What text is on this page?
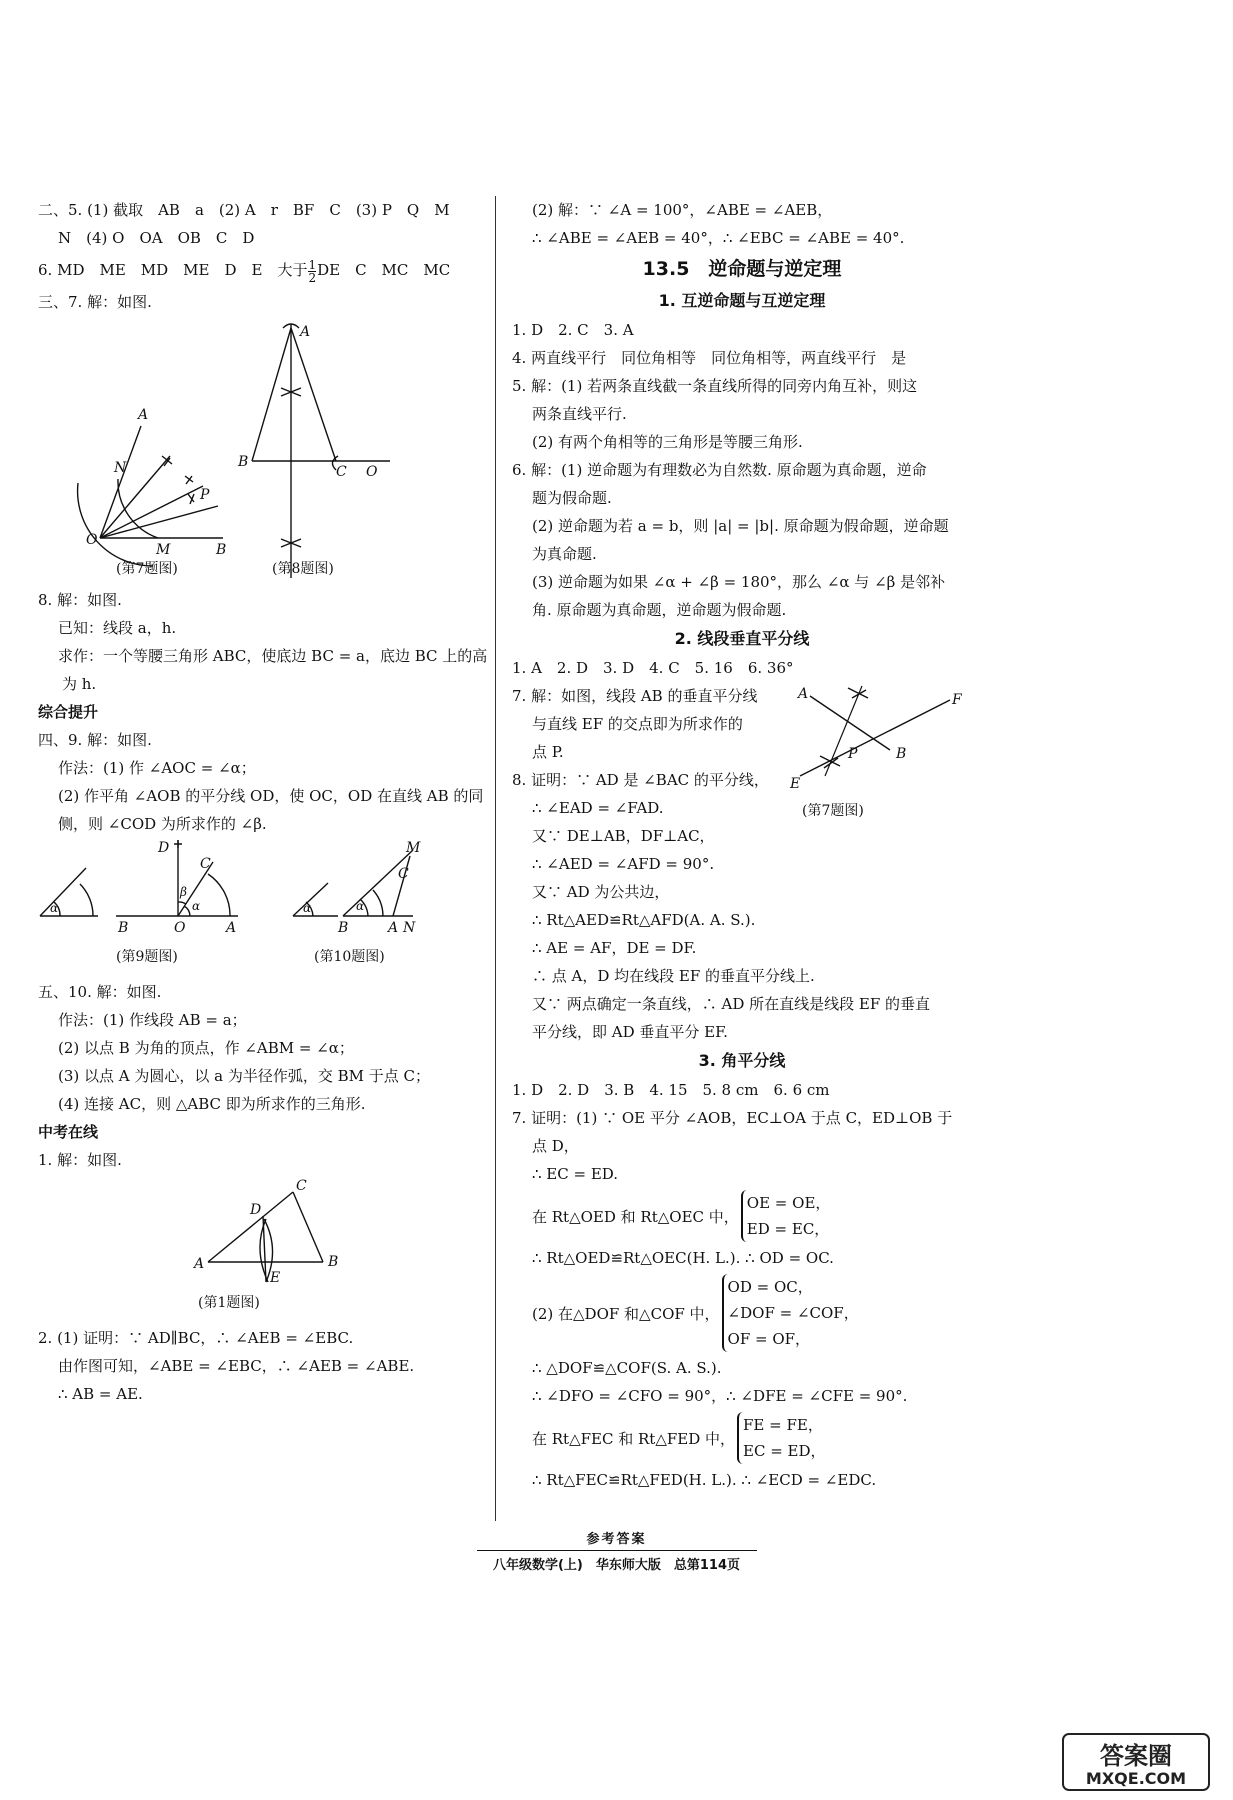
二、5. (1) 截取　AB　a　(2) A　r　BF　C　(3) P　Q　M
N　(4) O　OA　OB　C　D
6. MD　ME　MD　ME　D　E　大于 $\frac{1}{2}$ DE　C　MC　MC
三、7. 解：如图.
A
N
P
O
M	B
A
B
C O
(第7题图)	(第8题图)
8. 解：如图.
已知：线段 a，h.
求作：一个等腰三角形 ABC，使底边 BC = a，底边 BC 上的高
为 h.
综合提升
四、9. 解：如图.
作法：(1) 作 ∠AOC = ∠α；
(2) 作平角 ∠AOB 的平分线 OD，使 OC，OD 在直线 AB 的同
侧，则 ∠COD 为所求作的 ∠β.
α
D
C
β
α
B	O	A
α	α
B
M
C
A N
(第9题图)	(第10题图)
五、10. 解：如图.
作法：(1) 作线段 AB = a；
(2) 以点 B 为角的顶点，作 ∠ABM = ∠α；
(3) 以点 A 为圆心，以 a 为半径作弧，交 BM 于点 C；
(4) 连接 AC，则 △ABC 即为所求作的三角形.
中考在线
1. 解：如图.
A
D
C
B
E
(第1题图)
2. (1) 证明：∵ AD∥BC，∴ ∠AEB = ∠EBC.
由作图可知，∠ABE = ∠EBC，∴ ∠AEB = ∠ABE.
∴ AB = AE.
(2) 解：∵ ∠A = 100°，∠ABE = ∠AEB，
∴ ∠ABE = ∠AEB = 40°，∴ ∠EBC = ∠ABE = 40°.
13.5　逆命题与逆定理
1. 互逆命题与互逆定理
1. D　2. C　3. A
4. 两直线平行　同位角相等　同位角相等，两直线平行　是
5. 解：(1) 若两条直线截一条直线所得的同旁内角互补，则这
两条直线平行.
(2) 有两个角相等的三角形是等腰三角形.
6. 解：(1) 逆命题为有理数必为自然数. 原命题为真命题，逆命
题为假命题.
(2) 逆命题为若 a = b，则 |a| = |b|. 原命题为假命题，逆命题
为真命题.
(3) 逆命题为如果 ∠α + ∠β = 180°，那么 ∠α 与 ∠β 是邻补
角. 原命题为真命题，逆命题为假命题.
2. 线段垂直平分线
1. A　2. D　3. D　4. C　5. 16　6. 36°
7. 解：如图，线段 AB 的垂直平分线
与直线 EF 的交点即为所求作的
点 P.
8. 证明：∵ AD 是 ∠BAC 的平分线，
A	F
B
P
E
∴ ∠EAD = ∠FAD.	(第7题图)
又∵ DE⊥AB，DF⊥AC，
∴ ∠AED = ∠AFD = 90°.
又∵ AD 为公共边，
∴ Rt△AED≌Rt△AFD(A. A. S.).
∴ AE = AF，DE = DF.
∴ 点 A，D 均在线段 EF 的垂直平分线上.
又∵ 两点确定一条直线，∴ AD 所在直线是线段 EF 的垂直
平分线，即 AD 垂直平分 EF.
3. 角平分线
1. D　2. D　3. B　4. 15　5. 8 cm　6. 6 cm
7. 证明：(1) ∵ OE 平分 ∠AOB，EC⊥OA 于点 C，ED⊥OB 于
点 D，
∴ EC = ED.
在 Rt△OED 和 Rt△OEC 中，
OE = OE，
ED = EC，
∴ Rt△OED≌Rt△OEC(H. L.). ∴ OD = OC.
(2) 在△DOF 和△COF 中，
OD = OC，
∠DOF = ∠COF，
OF = OF，
∴ △DOF≌△COF(S. A. S.).
∴ ∠DFO = ∠CFO = 90°，∴ ∠DFE = ∠CFE = 90°.
在 Rt△FEC 和 Rt△FED 中，
FE = FE，
EC = ED，
∴ Rt△FEC≌Rt△FED(H. L.). ∴ ∠ECD = ∠EDC.
参考答案
八年级数学(上)　华东师大版　总第114页
答案圈
MXQE.COM
